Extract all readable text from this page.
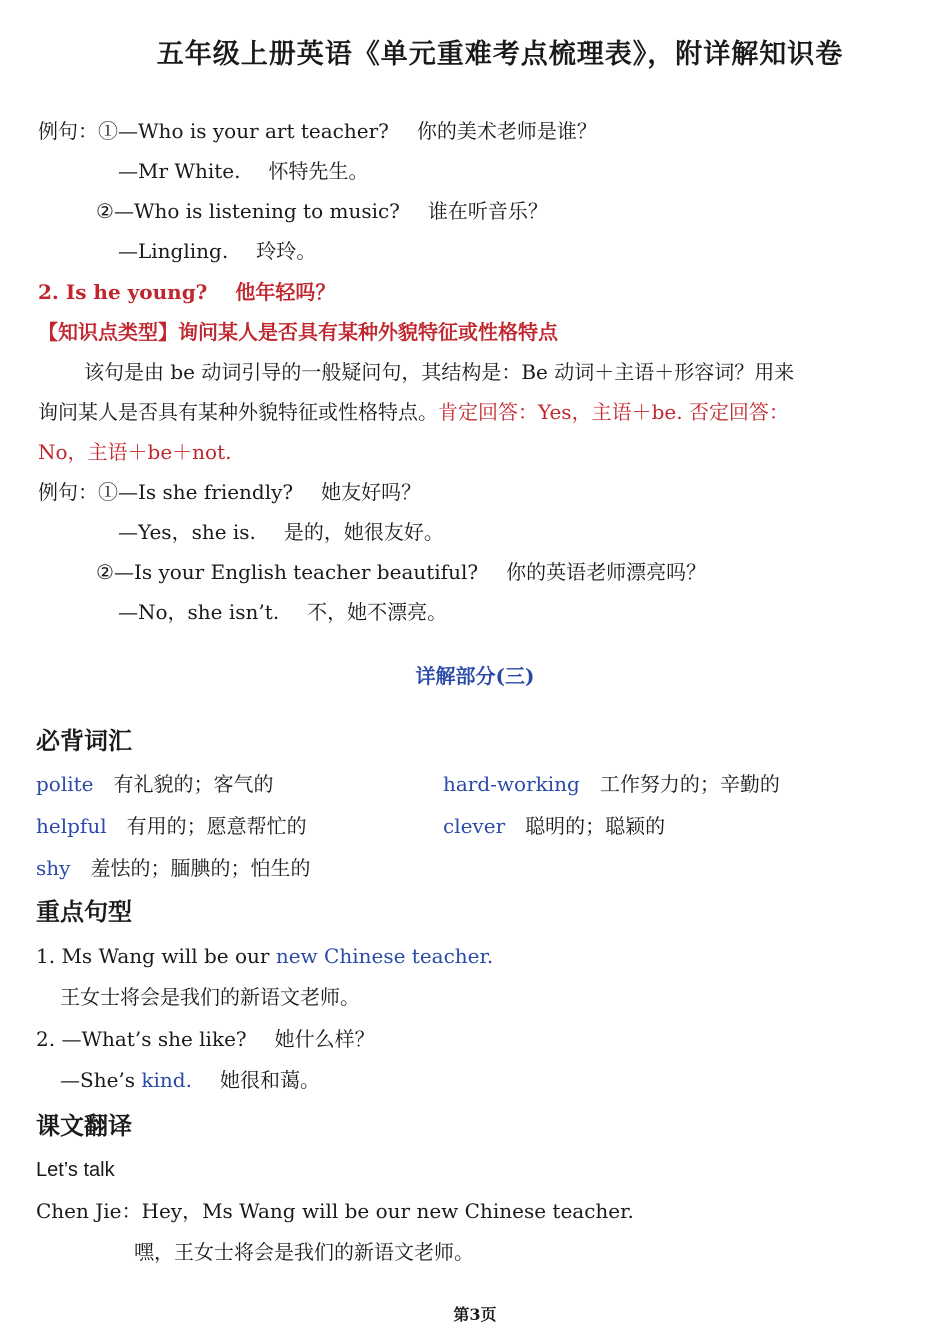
五年级上册英语《单元重难考点梳理表》，附详解知识卷
例句：①—Who is your art teacher? 你的美术老师是谁？
—Mr White. 怀特先生。
②—Who is listening to music? 谁在听音乐？
—Lingling. 玲玲。
2. Is he young? 他年轻吗？
【知识点类型】询问某人是否具有某种外貌特征或性格特点
该句是由 be 动词引导的一般疑问句，其结构是：Be 动词＋主语＋形容词？用来
询问某人是否具有某种外貌特征或性格特点。肯定回答：Yes，主语＋be. 否定回答：
No，主语＋be＋not.
例句：①—Is she friendly? 她友好吗？
—Yes，she is. 是的，她很友好。
②—Is your English teacher beautiful? 你的英语老师漂亮吗？
—No，she isn’t. 不，她不漂亮。
详解部分(三)
必背词汇
polite 有礼貌的；客气的	hard-working 工作努力的；辛勤的
helpful 有用的；愿意帮忙的	clever 聪明的；聪颖的
shy 羞怯的；腼腆的；怕生的
重点句型
1. Ms Wang will be our new Chinese teacher.
王女士将会是我们的新语文老师。
2. —What’s she like? 她什么样？
—She’s kind. 她很和蔼。
课文翻译
Let’s talk
Chen Jie：Hey，Ms Wang will be our new Chinese teacher.
嘿，王女士将会是我们的新语文老师。
第3页
